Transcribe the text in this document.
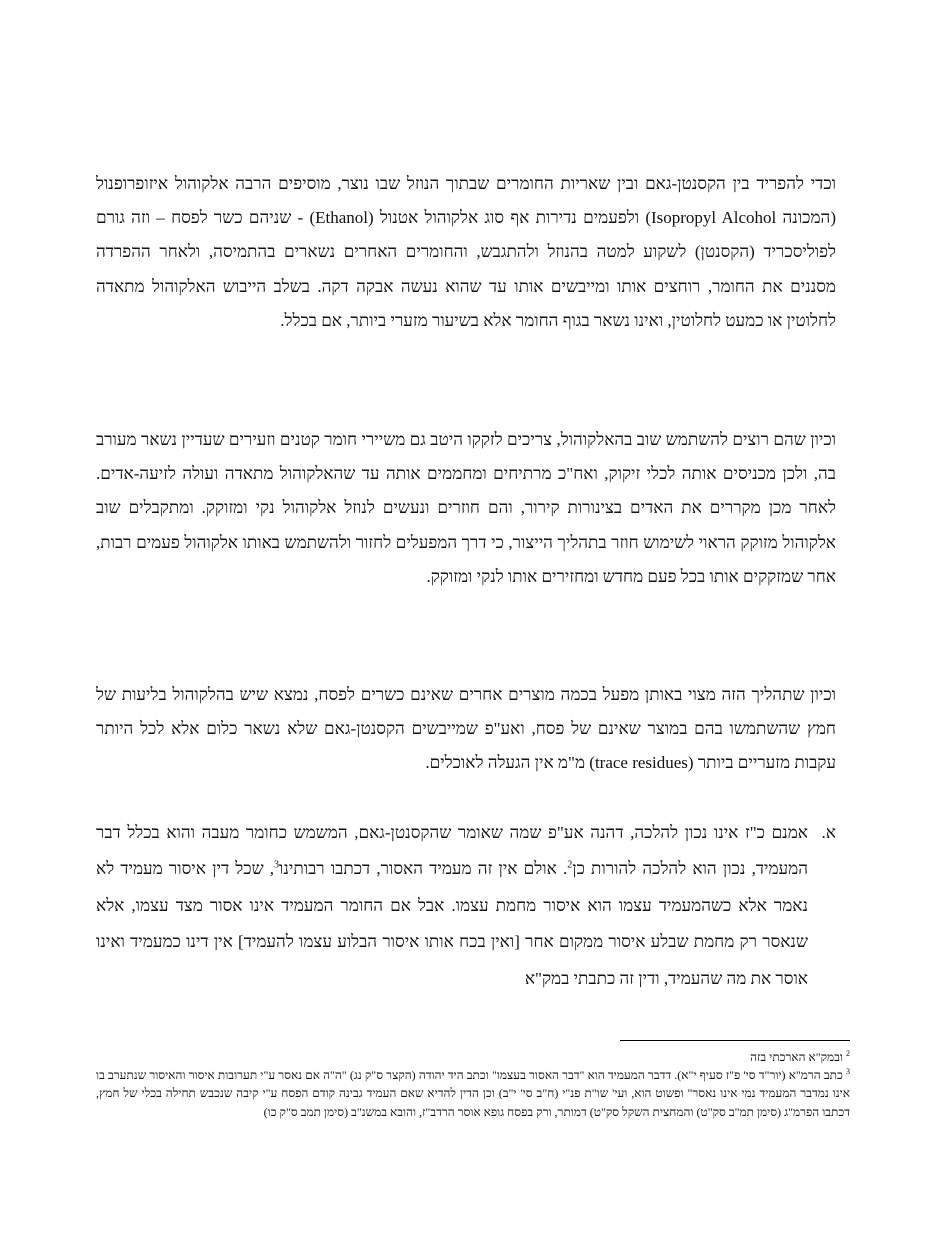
וכדי להפריד בין הקסנטן-גאם ובין שאריות החומרים שבתוך הנוזל שבו נוצר, מוסיפים הרבה אלקוהול איזופרופנול (המכונה Isopropyl Alcohol) ולפעמים נדירות אף סוג אלקוהול אטנול (Ethanol) - שניהם כשר לפסח – וזה גורם לפוליסכריד (הקסנטן) לשקוע למטה בהנוזל ולהתגבש, והחומרים האחרים נשארים בהתמיסה, ולאחר ההפרדה מסננים את החומר, רוחצים אותו ומייבשים אותו עד שהוא נעשה אבקה דקה. בשלב הייבוש האלקוהול מתאדה לחלוטין או כמעט לחלוטין, ואינו נשאר בגוף החומר אלא בשיעור מזערי ביותר, אם בכלל.

וכיון שהם רוצים להשתמש שוב בהאלקוהול, צריכים לזקקו היטב גם משיירי חומר קטנים וזעירים שעדיין נשאר מעורב בה, ולכן מכניסים אותה לכלי זיקוק, ואח"כ מרתיחים ומחממים אותה עד שהאלקוהול מתאדה ועולה לזיעה-אדים. לאחר מכן מקררים את האדים בצינורות קירור, והם חוזרים ונעשים לנוזל אלקוהול נקי ומזוקק. ומתקבלים שוב אלקוהול מזוקק הראוי לשימוש חוזר בתהליך הייצור, כי דרך המפעלים לחזור ולהשתמש באותו אלקוהול פעמים רבות, אחר שמזקקים אותו בכל פעם מחדש ומחזירים אותו לנקי ומזוקק.

וכיון שתהליך הזה מצוי באותן מפעל בכמה מוצרים אחרים שאינם כשרים לפסח, נמצא שיש בהלקוהול בליעות של חמץ שהשתמשו בהם במוצר שאינם של פסח, ואע"פ שמייבשים הקסנטן-גאם שלא נשאר כלום אלא לכל היותר עקבות מזעריים ביותר (trace residues) מ"מ אין הגעלה לאוכלים.

א.

אמנם כ"ז אינו נכון להלכה, דהנה אע"פ שמה שאומר שהקסנטן-גאם, המשמש כחומר מעבה והוא בכלל דבר המעמיד, נכון הוא להלכה להורות כן$^2$. אולם אין זה מעמיד האסור, דכתבו רבותינו$^3$, שכל דין איסור מעמיד לא נאמר אלא כשהמעמיד עצמו הוא איסור מחמת עצמו. אבל אם החומר המעמיד אינו אסור מצד עצמו, אלא שנאסר רק מחמת שבלע איסור ממקום אחר [ואין בכח אותו איסור הבלוע עצמו להעמיד] אין דינו כמעמיד ואינו אוסר את מה שהעמיד, ודין זה כתבתי במק"א

$^2$ ובמק"א הארכתי בזה

$^3$ כתב הרמ"א (יור"ד סי' פ"ז סעיף י"א). דדבר המעמיד הוא "דבר האסור בעצמו" וכתב היד יהודה (הקצר ס"ק נג) "ה"ה אם נאסר ע"י תערובות איסור והאיסור שנתערב בו אינו נמדבר המעמיד נמי אינו נאסר" ופשוט הוא, ועי' שו"ת פנ"י (ח"ב סי' י"ב) וכן הדין להדיא שאם העמיד גבינה קודם הפסח ע"י קיבה שנכבש תחילה בכלי של חמץ, דכתבו הפרמ"ג (סימן תמ"ב סק"ט) והמחצית השקל סק"ט) דמותר, ורק בפסח גופא אוסר הרדב"ז, והובא במשנ"ב (סימן תמב ס"ק כו)
